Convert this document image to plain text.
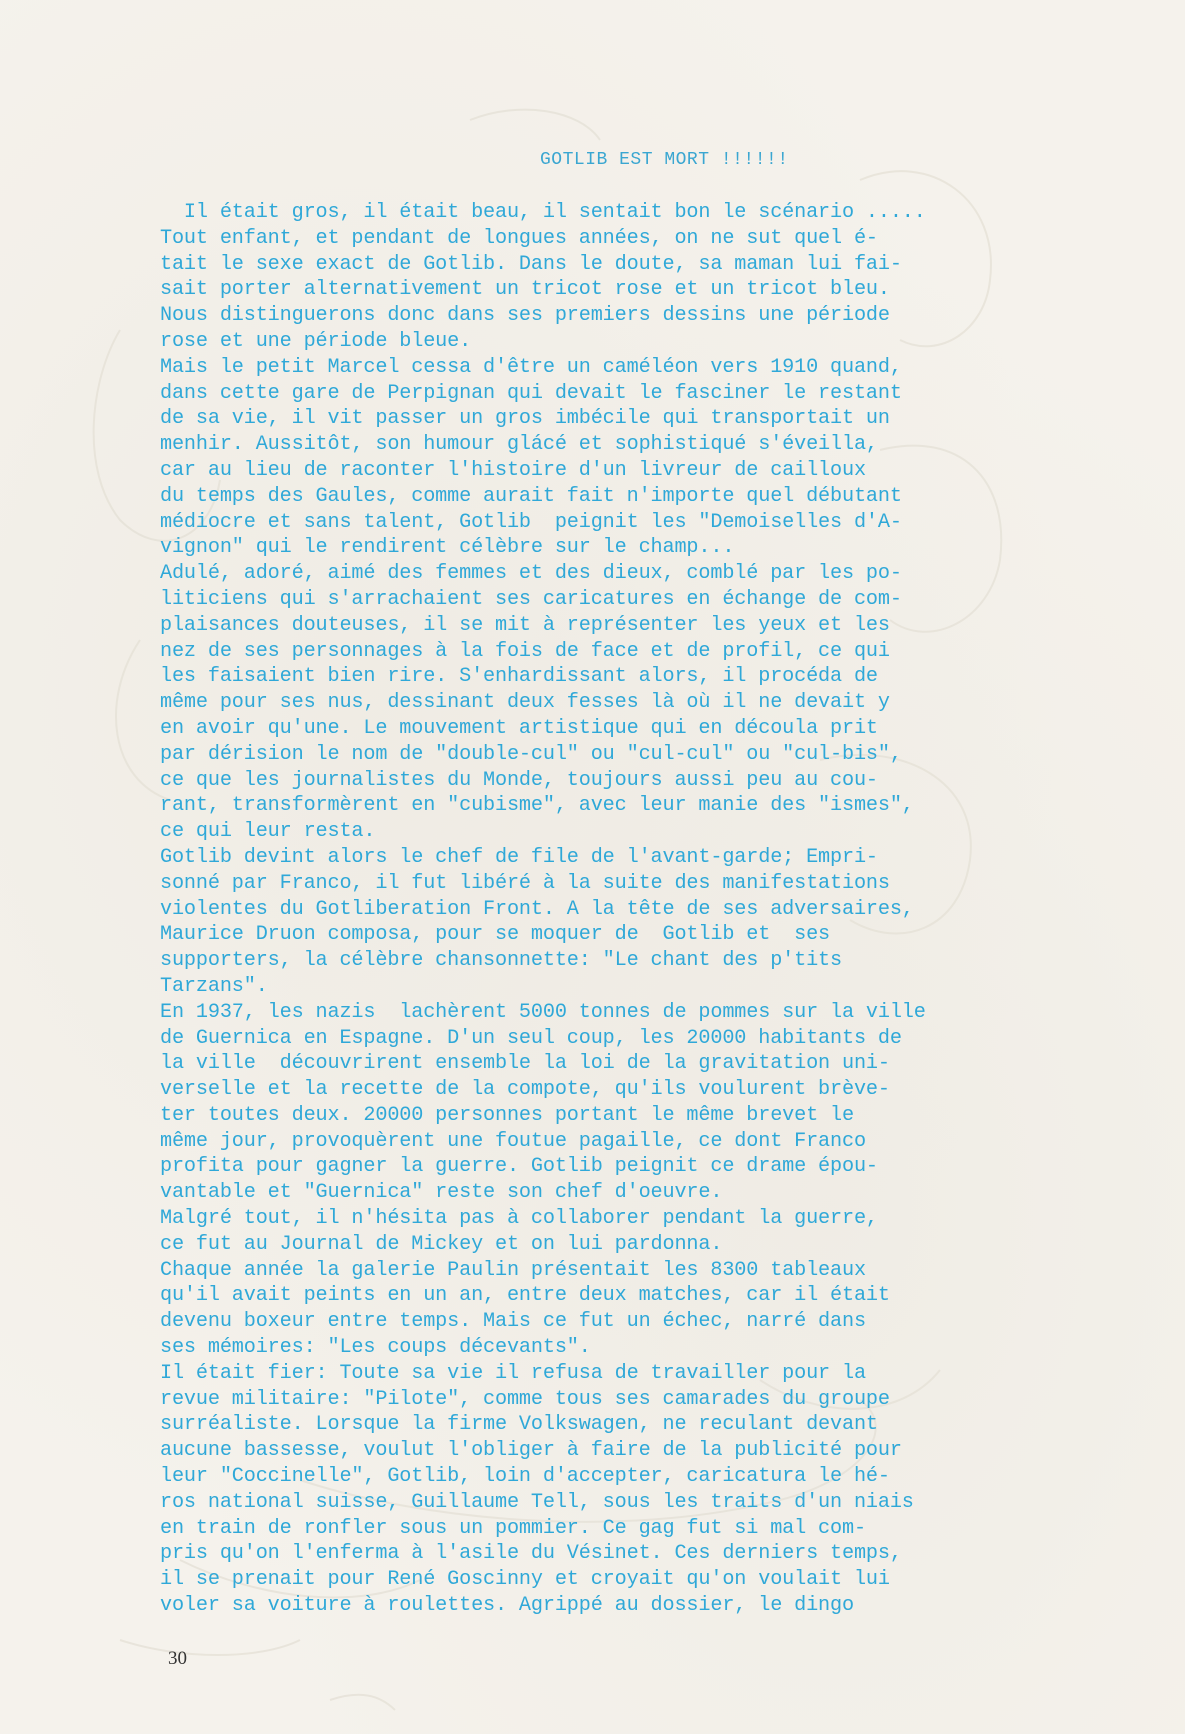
GOTLIB EST MORT !!!!!!
Il était gros, il était beau, il sentait bon le scénario .....
Tout enfant, et pendant de longues années, on ne sut quel é-
tait le sexe exact de Gotlib. Dans le doute, sa maman lui fai-
sait porter alternativement un tricot rose et un tricot bleu.
Nous distinguerons donc dans ses premiers dessins une période
rose et une période bleue.
Mais le petit Marcel cessa d'être un caméléon vers 1910 quand,
dans cette gare de Perpignan qui devait le fasciner le restant
de sa vie, il vit passer un gros imbécile qui transportait un
menhir. Aussitôt, son humour glácé et sophistiqué s'éveilla,
car au lieu de raconter l'histoire d'un livreur de cailloux
du temps des Gaules, comme aurait fait n'importe quel débutant
médiocre et sans talent, Gotlib  peignit les "Demoiselles d'A-
vignon" qui le rendirent célèbre sur le champ...
Adulé, adoré, aimé des femmes et des dieux, comblé par les po-
liticiens qui s'arrachaient ses caricatures en échange de com-
plaisances douteuses, il se mit à représenter les yeux et les
nez de ses personnages à la fois de face et de profil, ce qui
les faisaient bien rire. S'enhardissant alors, il procéda de
même pour ses nus, dessinant deux fesses là où il ne devait y
en avoir qu'une. Le mouvement artistique qui en découla prit
par dérision le nom de "double-cul" ou "cul-cul" ou "cul-bis",
ce que les journalistes du Monde, toujours aussi peu au cou-
rant, transformèrent en "cubisme", avec leur manie des "ismes",
ce qui leur resta.
Gotlib devint alors le chef de file de l'avant-garde; Empri-
sonné par Franco, il fut libéré à la suite des manifestations
violentes du Gotliberation Front. A la tête de ses adversaires,
Maurice Druon composa, pour se moquer de  Gotlib et  ses
supporters, la célèbre chansonnette: "Le chant des p'tits
Tarzans".
En 1937, les nazis  lachèrent 5000 tonnes de pommes sur la ville
de Guernica en Espagne. D'un seul coup, les 20000 habitants de
la ville  découvrirent ensemble la loi de la gravitation uni-
verselle et la recette de la compote, qu'ils voulurent brève-
ter toutes deux. 20000 personnes portant le même brevet le
même jour, provoquèrent une foutue pagaille, ce dont Franco
profita pour gagner la guerre. Gotlib peignit ce drame épou-
vantable et "Guernica" reste son chef d'oeuvre.
Malgré tout, il n'hésita pas à collaborer pendant la guerre,
ce fut au Journal de Mickey et on lui pardonna.
Chaque année la galerie Paulin présentait les 8300 tableaux
qu'il avait peints en un an, entre deux matches, car il était
devenu boxeur entre temps. Mais ce fut un échec, narré dans
ses mémoires: "Les coups décevants".
Il était fier: Toute sa vie il refusa de travailler pour la
revue militaire: "Pilote", comme tous ses camarades du groupe
surréaliste. Lorsque la firme Volkswagen, ne reculant devant
aucune bassesse, voulut l'obliger à faire de la publicité pour
leur "Coccinelle", Gotlib, loin d'accepter, caricatura le hé-
ros national suisse, Guillaume Tell, sous les traits d'un niais
en train de ronfler sous un pommier. Ce gag fut si mal com-
pris qu'on l'enferma à l'asile du Vésinet. Ces derniers temps,
il se prenait pour René Goscinny et croyait qu'on voulait lui
voler sa voiture à roulettes. Agrippé au dossier, le dingo
30
